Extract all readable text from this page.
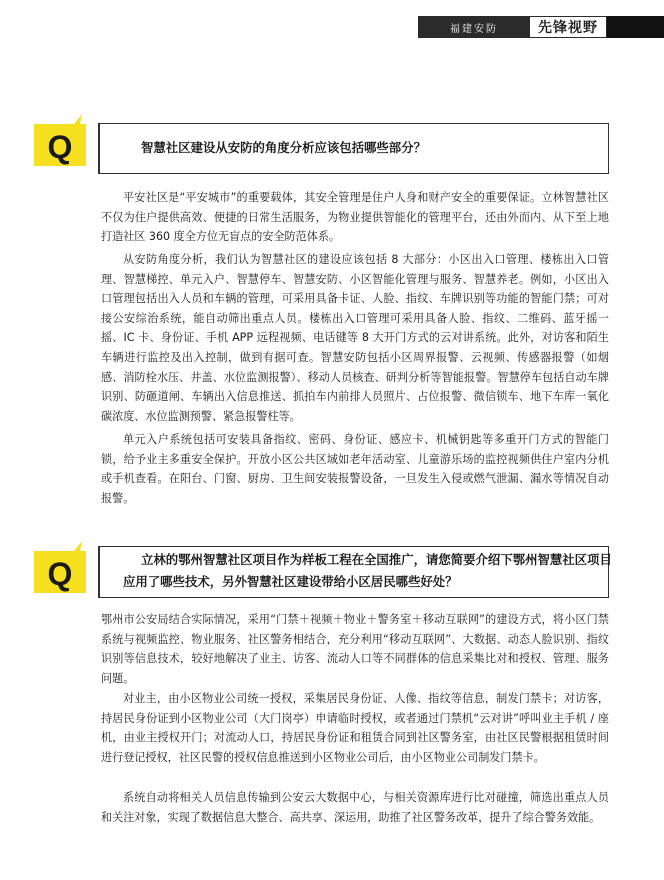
福建安防	先锋视野
Q	智慧社区建设从安防的角度分析应该包括哪些部分？

平安社区是“平安城市”的重要载体，其安全管理是住户人身和财产安全的重要保证。立林智慧社区不仅为住户提供高效、便捷的日常生活服务，为物业提供智能化的管理平台，还由外而内、从下至上地打造社区 360 度全方位无盲点的安全防范体系。

从安防角度分析，我们认为智慧社区的建设应该包括 8 大部分：小区出入口管理、楼栋出入口管理、智慧梯控、单元入户、智慧停车、智慧安防、小区智能化管理与服务、智慧养老。例如，小区出入口管理包括出入人员和车辆的管理，可采用具备卡证、人脸、指纹、车牌识别等功能的智能门禁；可对接公安综治系统，能自动筛出重点人员。楼栋出入口管理可采用具备人脸、指纹、二维码、蓝牙摇一摇、IC 卡、身份证、手机 APP 远程视频、电话键等 8 大开门方式的云对讲系统。此外，对访客和陌生车辆进行监控及出入控制，做到有据可查。智慧安防包括小区周界报警、云视频、传感器报警（如烟感、消防栓水压、井盖、水位监测报警）、移动人员核查、研判分析等智能报警。智慧停车包括自动车牌识别、防砸道闸、车辆出入信息推送、抓拍车内前排人员照片、占位报警、微信锁车、地下车库一氧化碳浓度、水位监测预警、紧急报警柱等。

单元入户系统包括可安装具备指纹、密码、身份证、感应卡、机械钥匙等多重开门方式的智能门锁，给予业主多重安全保护。开放小区公共区域如老年活动室、儿童游乐场的监控视频供住户室内分机或手机查看。在阳台、门窗、厨房、卫生间安装报警设备，一旦发生入侵或燃气泄漏、漏水等情况自动报警。

Q	立林的鄂州智慧社区项目作为样板工程在全国推广，请您简要介绍下鄂州智慧社区项目
应用了哪些技术，另外智慧社区建设带给小区居民哪些好处？

鄂州市公安局结合实际情况，采用“门禁＋视频＋物业＋警务室＋移动互联网”的建设方式，将小区门禁系统与视频监控、物业服务、社区警务相结合，充分利用“移动互联网”、大数据、动态人脸识别、指纹识别等信息技术，较好地解决了业主、访客、流动人口等不同群体的信息采集比对和授权、管理、服务问题。

对业主，由小区物业公司统一授权，采集居民身份证、人像、指纹等信息，制发门禁卡；对访客，持居民身份证到小区物业公司（大门岗亭）申请临时授权，或者通过门禁机“云对讲”呼叫业主手机 / 座机，由业主授权开门；对流动人口，持居民身份证和租赁合同到社区警务室，由社区民警根据租赁时间进行登记授权，社区民警的授权信息推送到小区物业公司后，由小区物业公司制发门禁卡。

系统自动将相关人员信息传输到公安云大数据中心，与相关资源库进行比对碰撞，筛选出重点人员和关注对象，实现了数据信息大整合、高共享、深运用，助推了社区警务改革，提升了综合警务效能。
